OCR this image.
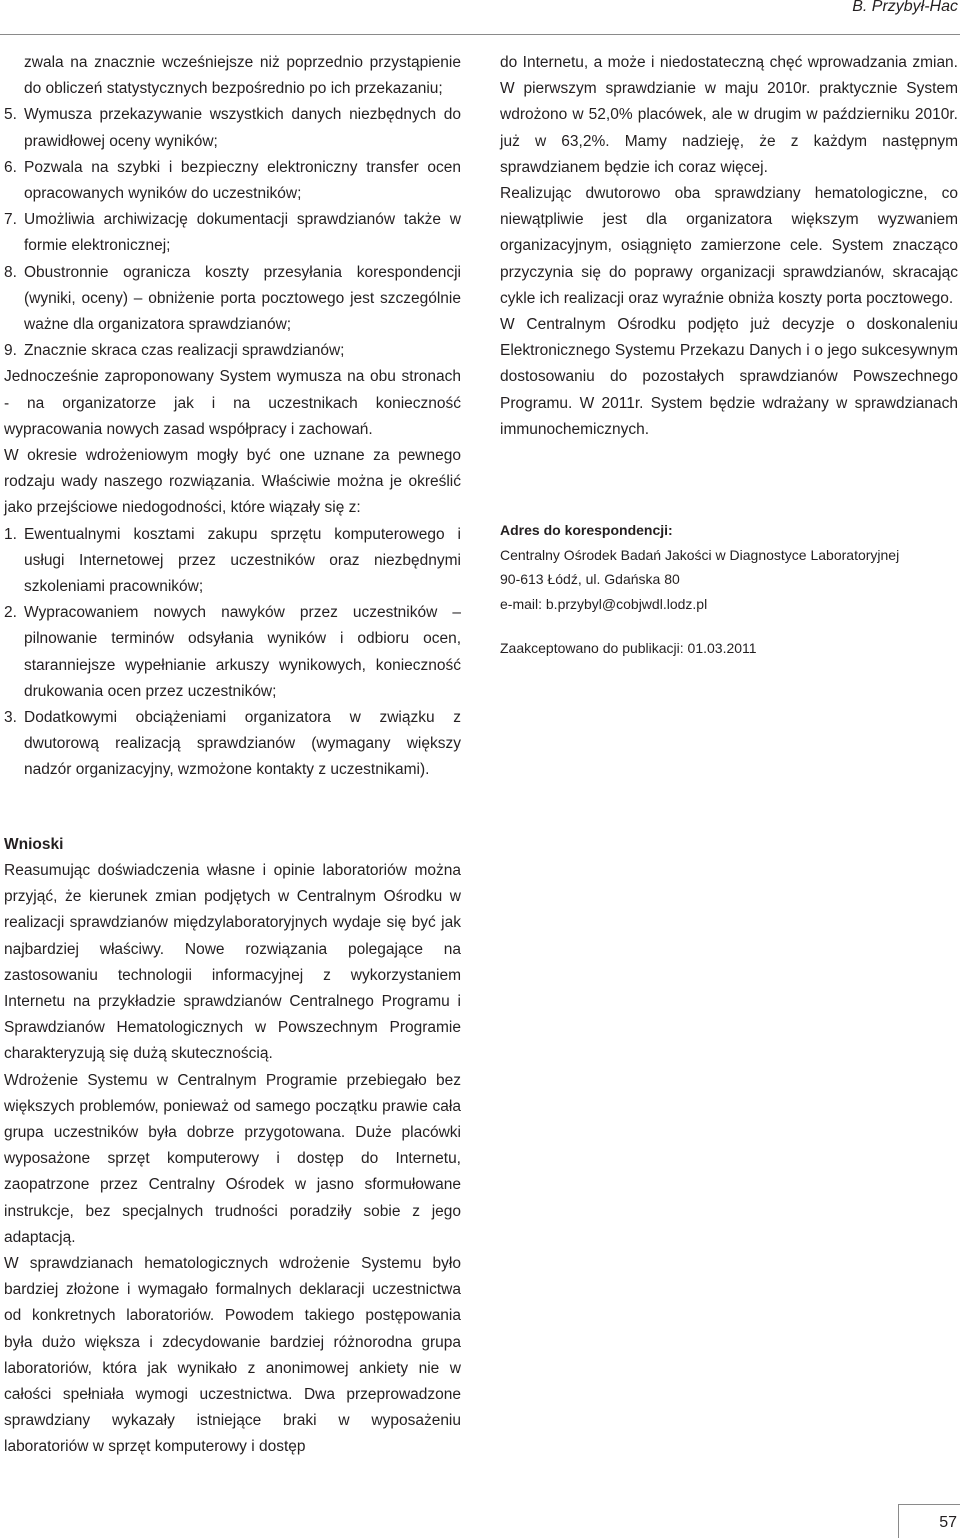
B. Przybył-Hac

zwala na znacznie wcześniejsze niż poprzednio przystąpienie do obliczeń statystycznych bezpośrednio po ich przekazaniu;

5. Wymusza przekazywanie wszystkich danych niezbędnych do prawidłowej oceny wyników;
6. Pozwala na szybki i bezpieczny elektroniczny transfer ocen opracowanych wyników do uczestników;
7. Umożliwia archiwizację dokumentacji sprawdzianów także w formie elektronicznej;
8. Obustronnie ogranicza koszty przesyłania korespondencji (wyniki, oceny) – obniżenie porta pocztowego jest szczególnie ważne dla organizatora sprawdzianów;
9. Znacznie skraca czas realizacji sprawdzianów;

Jednocześnie zaproponowany System wymusza na obu stronach - na organizatorze jak i na uczestnikach konieczność wypracowania nowych zasad współpracy i zachowań.

W okresie wdrożeniowym mogły być one uznane za pewnego rodzaju wady naszego rozwiązania. Właściwie można je określić jako przejściowe niedogodności, które wiązały się z:

1. Ewentualnymi kosztami zakupu sprzętu komputerowego i usługi Internetowej przez uczestników oraz niezbędnymi szkoleniami pracowników;
2. Wypracowaniem nowych nawyków przez uczestników – pilnowanie terminów odsyłania wyników i odbioru ocen, staranniejsze wypełnianie arkuszy wynikowych, konieczność drukowania ocen przez uczestników;
3. Dodatkowymi obciążeniami organizatora w związku z dwutorową realizacją sprawdzianów (wymagany większy nadzór organizacyjny, wzmożone kontakty z uczestnikami).
Wnioski

Reasumując doświadczenia własne i opinie laboratoriów można przyjąć, że kierunek zmian podjętych w Centralnym Ośrodku w realizacji sprawdzianów międzylaboratoryjnych wydaje się być jak najbardziej właściwy. Nowe rozwiązania polegające na zastosowaniu technologii informacyjnej z wykorzystaniem Internetu na przykładzie sprawdzianów Centralnego Programu i Sprawdzianów Hematologicznych w Powszechnym Programie charakteryzują się dużą skutecznością.

Wdrożenie Systemu w Centralnym Programie przebiegało bez większych problemów, ponieważ od samego początku prawie cała grupa uczestników była dobrze przygotowana. Duże placówki wyposażone sprzęt komputerowy i dostęp do Internetu, zaopatrzone przez Centralny Ośrodek w jasno sformułowane instrukcje, bez specjalnych trudności poradziły sobie z jego adaptacją.

W sprawdzianach hematologicznych wdrożenie Systemu było bardziej złożone i wymagało formalnych deklaracji uczestnictwa od konkretnych laboratoriów. Powodem takiego postępowania była dużo większa i zdecydowanie bardziej różnorodna grupa laboratoriów, która jak wynikało z anonimowej ankiety nie w całości spełniała wymogi uczestnictwa. Dwa przeprowadzone sprawdziany wykazały istniejące braki w wyposażeniu laboratoriów w sprzęt komputerowy i dostęp

do Internetu, a może i niedostateczną chęć wprowadzania zmian. W pierwszym sprawdzianie w maju 2010r. praktycznie System wdrożono w 52,0% placówek, ale w drugim w październiku 2010r. już w 63,2%. Mamy nadzieję, że z każdym następnym sprawdzianem będzie ich coraz więcej.

Realizując dwutorowo oba sprawdziany hematologiczne, co niewątpliwie jest dla organizatora większym wyzwaniem organizacyjnym, osiągnięto zamierzone cele. System znacząco przyczynia się do poprawy organizacji sprawdzianów, skracając cykle ich realizacji oraz wyraźnie obniża koszty porta pocztowego.

W Centralnym Ośrodku podjęto już decyzje o doskonaleniu Elektronicznego Systemu Przekazu Danych i o jego sukcesywnym dostosowaniu do pozostałych sprawdzianów Powszechnego Programu. W 2011r. System będzie wdrażany w sprawdzianach immunochemicznych.

Adres do korespondencji:
Centralny Ośrodek Badań Jakości w Diagnostyce Laboratoryjnej
90-613 Łódź, ul. Gdańska 80
e-mail: b.przybyl@cobjwdl.lodz.pl
Zaakceptowano do publikacji: 01.03.2011
57
